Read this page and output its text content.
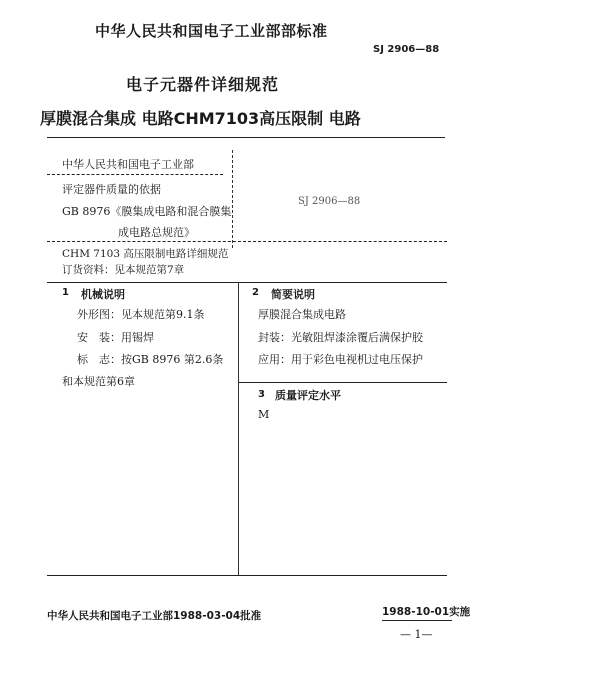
中华人民共和国电子工业部部标准
SJ 2906—88
电子元器件详细规范
厚膜混合集成 电路CHM7103高压限制 电路
中华人民共和国电子工业部
评定器件质量的依据
GB 8976《膜集成电路和混合膜集
成电路总规范》
SJ 2906—88
CHM 7103 高压限制电路详细规范
订货资料：见本规范第7章
1 机械说明
外形图：见本规范第9.1条
安　装：用锡焊
标　志：按GB 8976 第2.6条
和本规范第6章
2 简要说明
厚膜混合集成电路
封装：光敏阻焊漆涂覆后满保护胶
应用：用于彩色电视机过电压保护
3 质量评定水平
M
中华人民共和国电子工业部1988-03-04批准	1988-10-01实施
— 1—
